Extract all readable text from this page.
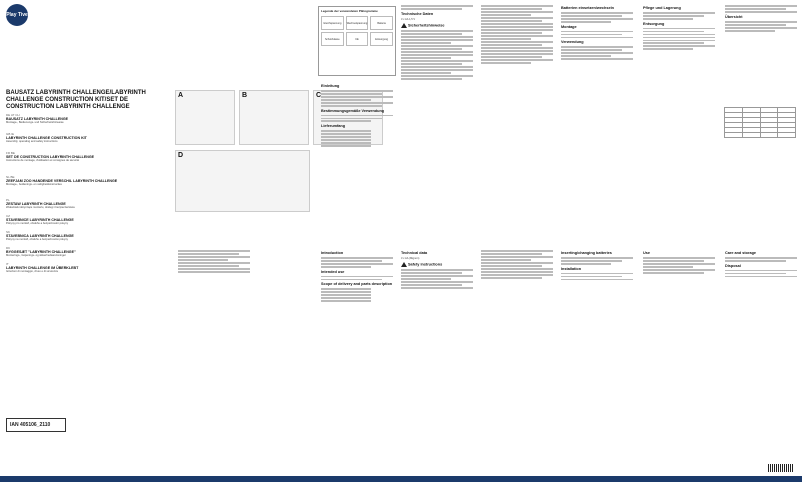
Play Tive
BAUSATZ LABYRINTH CHALLENGE/LABYRINTH CHALLENGE CONSTRUCTION KIT/SET DE CONSTRUCTION LABYRINTH CHALLENGE
DE AT CH
BAUSATZ LABYRINTH CHALLENGE
Montage-, Bedienungs- und Sicherheitshinweise
GB IE
LABYRINTH CHALLENGE CONSTRUCTION KIT
Assembly, operating and safety instructions
FR BE
SET DE CONSTRUCTION LABYRINTH CHALLENGE
Instructions de montage, d'utilisation et consignes de sécurité
NL BE
ZEEFJAM ZOO HANDENDE VERSCHIL LABYRINTH CHALLENGE
Montage-, bedienings- en veiligheidsinstructies
PL
ZESTAW LABYRINTH CHALLENGE
Wskazówki dotyczące montażu, obsługi i bezpieczeństwa
CZ
STAVEBNICE LABYRINTH CHALLENGE
Pokyny pro montáž, obsluhu a bezpečnostní pokyny
SK
STAVEBNICA LABYRINTH CHALLENGE
Pokyny na montáž, obsluhu a bezpečnostné pokyny
DK
BYGGESÆT "LABYRINTH CHALLENGE"
Monterings-, betjenings- og sikkerhedsanvisninger
IT
LABYRINTH CHALLENGE IM ÜBERKLEBT
Istruzioni di montaggio, d'uso e di sicurezza
IAN 405106_2110
A	B	C
D
Legende der verwendeten Piktogramme
Gleichspannung	Wechselspannung	Batterie
Schutzklasse	CE	Entsorgung
Einleitung
Bestimmungsgemäße Verwendung
Lieferumfang
Technische Daten
3 x AA 1,5 V
Sicherheitshinweise
Batterien einsetzen/wechseln
Montage
Verwendung
Pflege und Lagerung
Entsorgung
Übersicht

Introduction
Intended use
Scope of delivery and parts description
Technical data
3 x AA (Mignon)
Safety instructions
Inserting/changing batteries
Installation
Use	Care and storage
Disposal
